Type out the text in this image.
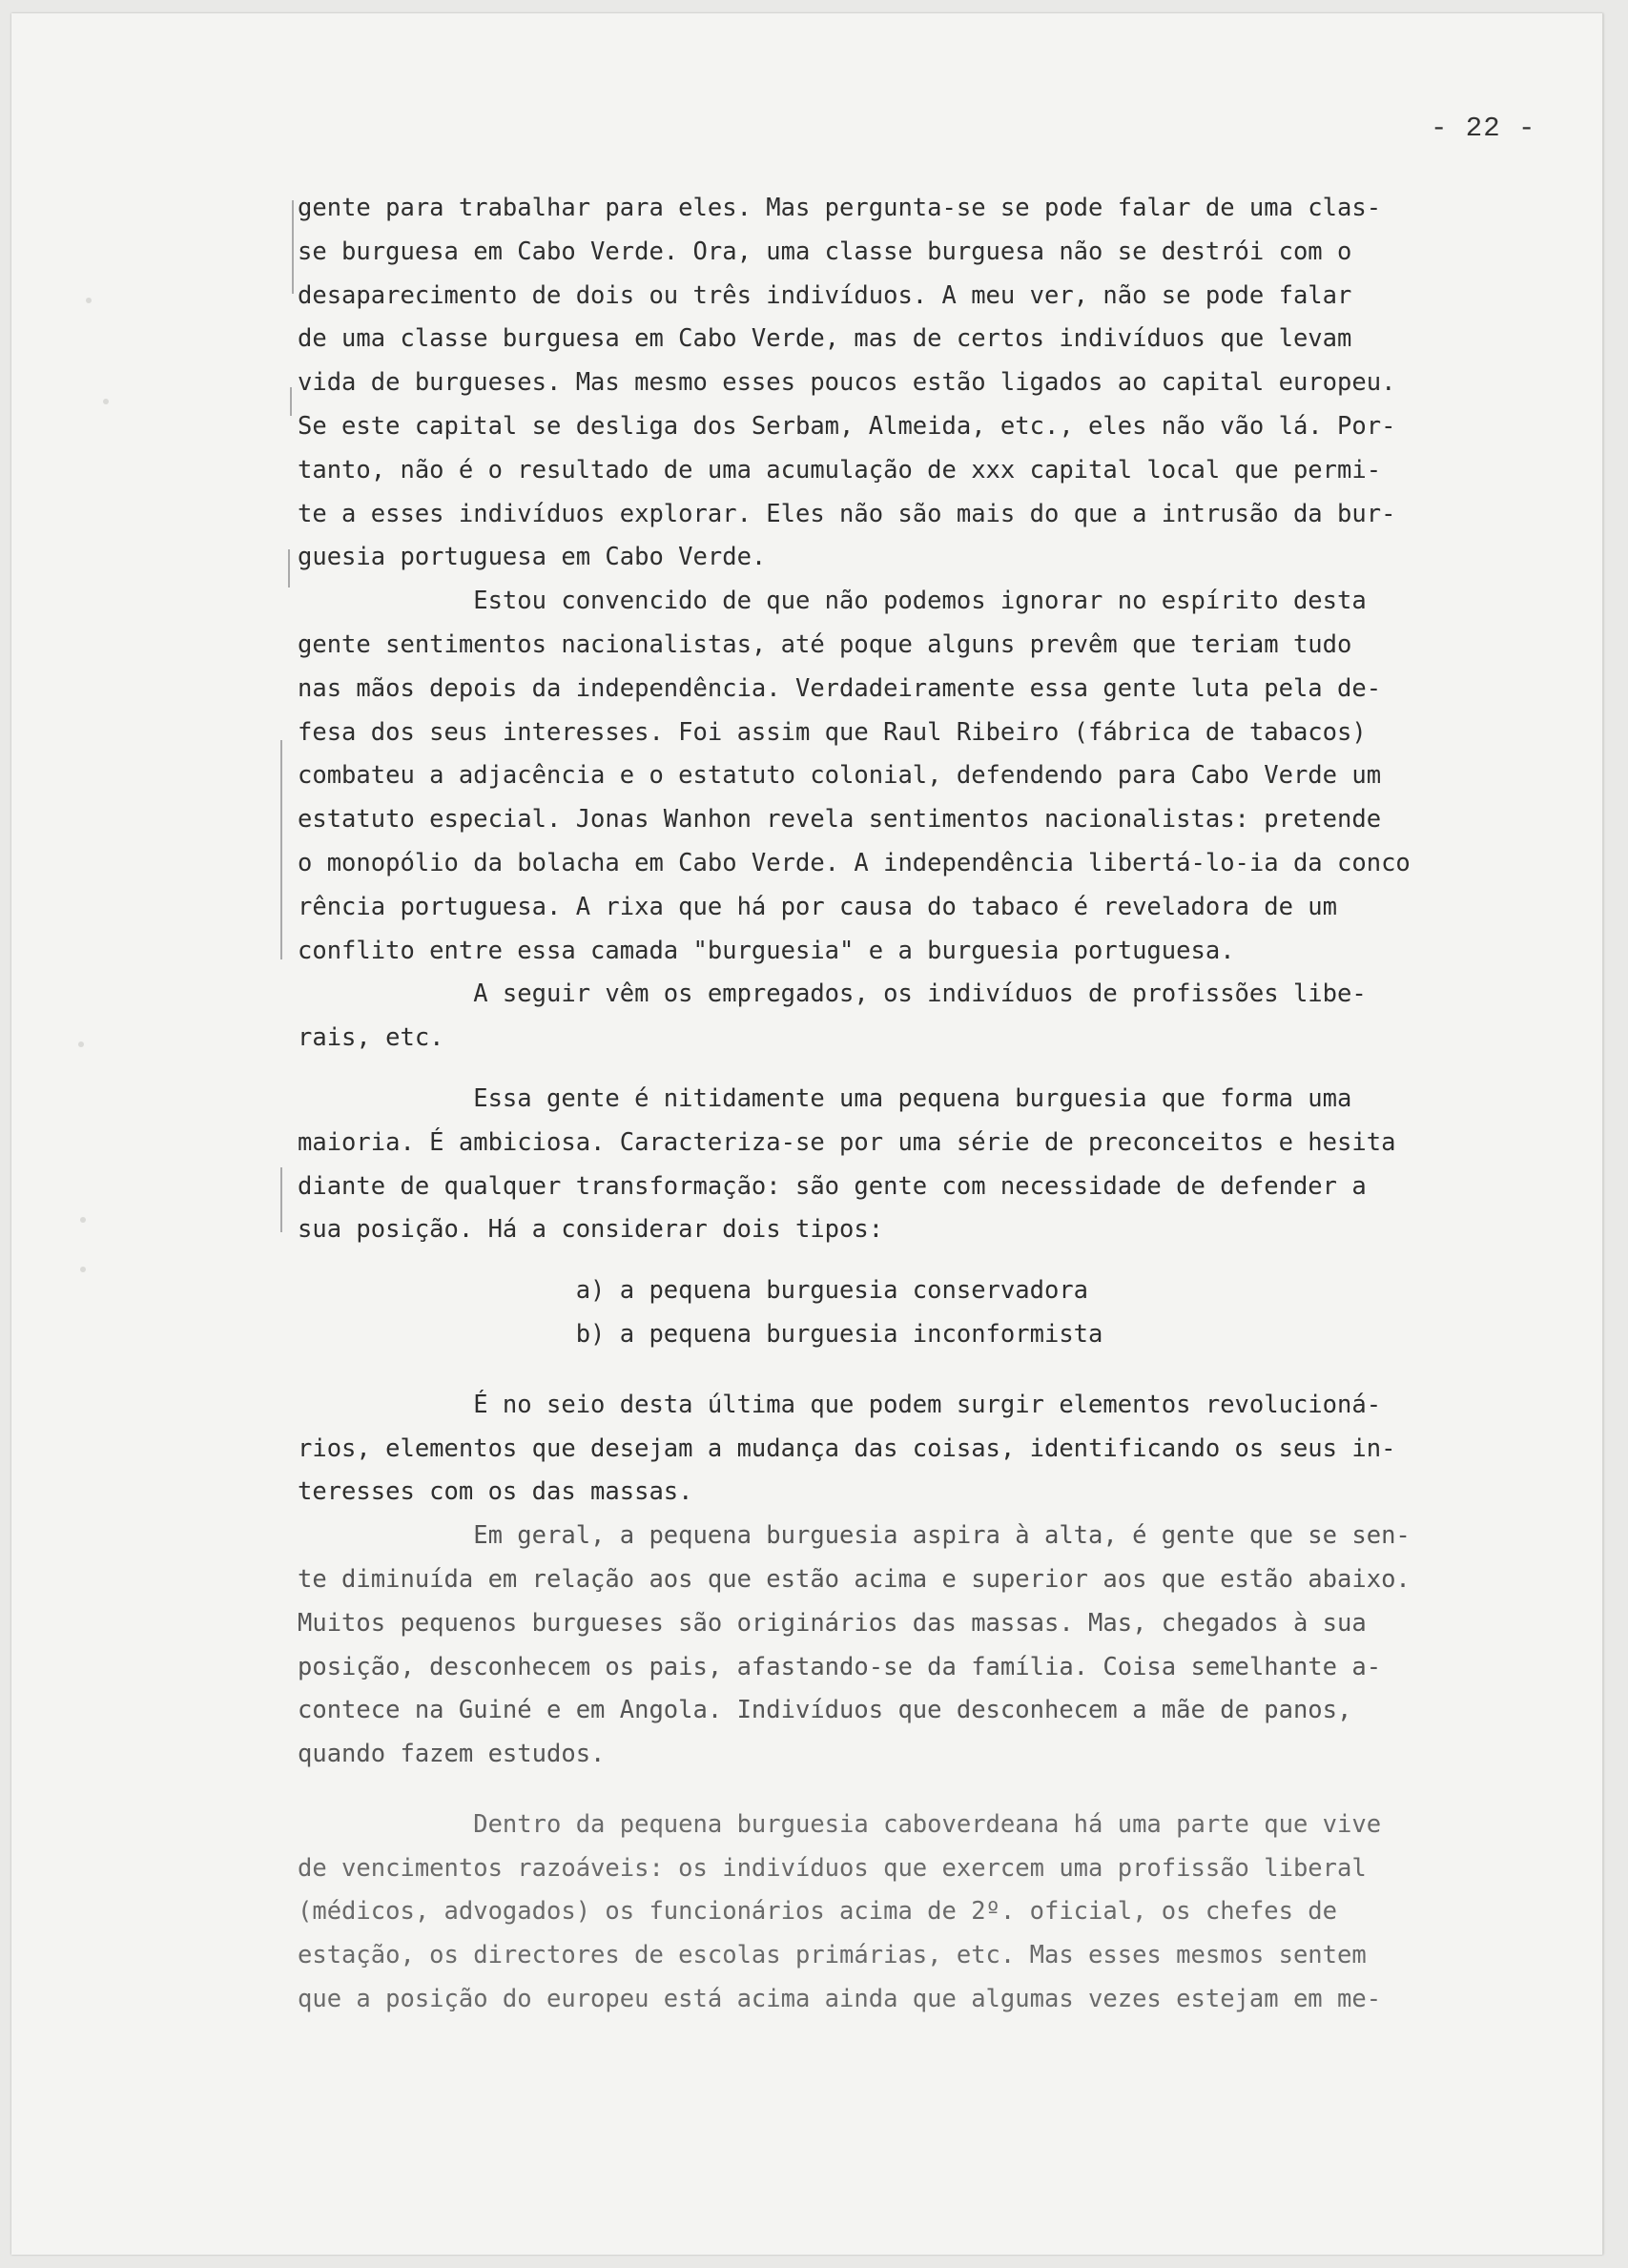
- 22 -
gente para trabalhar para eles. Mas pergunta-se se pode falar de uma clas-
se burguesa em Cabo Verde. Ora, uma classe burguesa não se destrói com o
desaparecimento de dois ou três indivíduos. A meu ver, não se pode falar
de uma classe burguesa em Cabo Verde, mas de certos indivíduos que levam
vida de burgueses. Mas mesmo esses poucos estão ligados ao capital europeu.
Se este capital se desliga dos Serbam, Almeida, etc., eles não vão lá. Por-
tanto, não é o resultado de uma acumulação de xxx capital local que permi-
te a esses indivíduos explorar. Eles não são mais do que a intrusão da bur-
guesia portuguesa em Cabo Verde.
Estou convencido de que não podemos ignorar no espírito desta
gente sentimentos nacionalistas, até poque alguns prevêm que teriam tudo
nas mãos depois da independência. Verdadeiramente essa gente luta pela de-
fesa dos seus interesses. Foi assim que Raul Ribeiro (fábrica de tabacos)
combateu a adjacência e o estatuto colonial, defendendo para Cabo Verde um
estatuto especial. Jonas Wanhon revela sentimentos nacionalistas: pretende
o monopólio da bolacha em Cabo Verde. A independência libertá-lo-ia da conco
rência portuguesa. A rixa que há por causa do tabaco é reveladora de um
conflito entre essa camada "burguesia" e a burguesia portuguesa.
A seguir vêm os empregados, os indivíduos de profissões libe-
rais, etc.
Essa gente é nitidamente uma pequena burguesia que forma uma
maioria. É ambiciosa. Caracteriza-se por uma série de preconceitos e hesita
diante de qualquer transformação: são gente com necessidade de defender a
sua posição. Há a considerar dois tipos:
a) a pequena burguesia conservadora
b) a pequena burguesia inconformista
É no seio desta última que podem surgir elementos revolucioná-
rios, elementos que desejam a mudança das coisas, identificando os seus in-
teresses com os das massas.
Em geral, a pequena burguesia aspira à alta, é gente que se sen-
te diminuída em relação aos que estão acima e superior aos que estão abaixo.
Muitos pequenos burgueses são originários das massas. Mas, chegados à sua
posição, desconhecem os pais, afastando-se da família. Coisa semelhante a-
contece na Guiné e em Angola. Indivíduos que desconhecem a mãe de panos,
quando fazem estudos.
Dentro da pequena burguesia caboverdeana há uma parte que vive
de vencimentos razoáveis: os indivíduos que exercem uma profissão liberal
(médicos, advogados) os funcionários acima de 2º. oficial, os chefes de
estação, os directores de escolas primárias, etc. Mas esses mesmos sentem
que a posição do europeu está acima ainda que algumas vezes estejam em me-
